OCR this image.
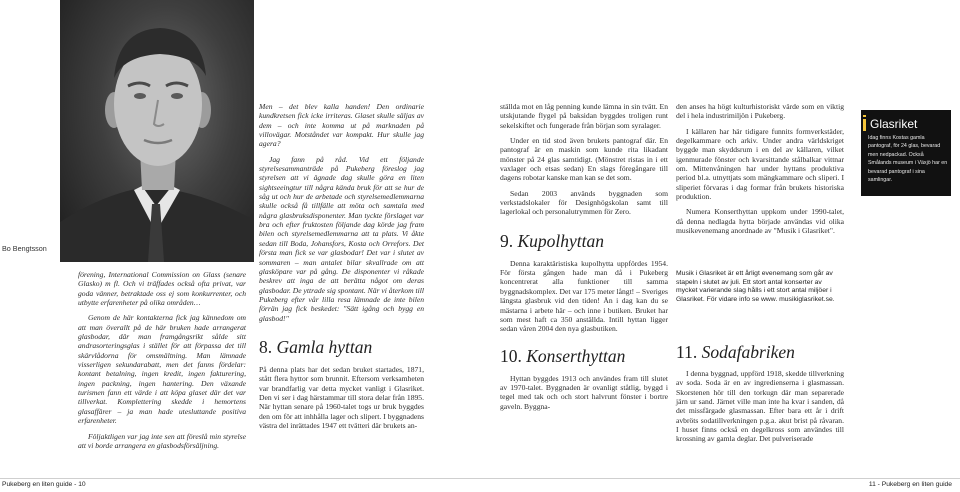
Bo Bengtsson

förening, International Commission on Glass (senare Glasko) m fl. Och vi träffades också ofta privat, var goda vänner, betraktade oss ej som konkurrenter, och utbytte erfarenheter på olika områden…

Genom de här kontakterna fick jag kännedom om att man överallt på de här bruken hade arrangerat glasbodar, där man framgångsrikt sålde sitt andrasorteringsglas i stället för att förpassa det till skärvlådorna för omsmältning. Man lämnade visserligen sekundarabatt, men det fanns fördelar: kontant betalning, ingen kredit, ingen fakturering, ingen packning, ingen hantering. Den växande turismen fann ett värde i att köpa glaset där det var tillverkat. Komplettering skedde i hemortens glasaffärer – ja man hade utesluttande positiva erfarenheter.

Följaktligen var jag inte sen att föreslå min styrelse att vi borde arrangera en glasbodsförsäljning.

Men – det blev kalla handen! Den ordinarie kundkretsen fick icke irriteras. Glaset skulle säljas av dem – och inte komma ut på marknaden på villovägar. Motståndet var kompakt. Hur skulle jag agera?

Jag fann på råd. Vid ett följande styrelsesammanträde på Pukeberg föreslog jag styrelsen att vi ägnade dag skulle göra en liten sightseeingtur till några kända bruk för att se hur de såg ut och hur de arbetade och styrelsemedlemmarna skulle också få tillfälle att möta och samtala med några glasbruksdisponenter. Man tyckte förslaget var bra och efter fruktosten följande dag körde jag fram bilen och styrelsemedlemmarna att ta plats. Vi åkte sedan till Boda, Johansfors, Kosta och Orrefors. Det första man fick se var glasbodar! Det var i slutet av sommaren – man antalet bilar skvallrade om att glasköpare var på gång. De disponenter vi råkade beskrev att inga de att berätta något om deras glasbodar. De yttrade sig spontant. När vi återkom till Pukeberg efter vår lilla resa lämnade de inte bilen förrän jag fick beskedet: "Sätt igång och bygg en glasbod!"

8. Gamla hyttan

På denna plats har det sedan bruket startades, 1871, stått flera hyttor som brunnit. Eftersom verksamheten var brandfarlig var detta mycket vanligt i Glasriket. Den vi ser i dag härstammar till stora delar från 1895. När hyttan senare på 1960-talet togs ur bruk byggdes den om för att inhhålla lager och slipert. I byggnadens västra del inrättades 1947 ett tvätteri där brukets an-

ställda mot en låg penning kunde lämna in sin tvätt. En utskjutande flygel på baksidan byggdes troligen runt sekelskiftet och fungerade från början som syralager.

Under en tid stod även brukets pantograf där. En pantograf är en maskin som kunde rita likadant mönster på 24 glas samtidigt. (Mönstret ristas in i ett vaxlager och etsas sedan) En slags föregångare till dagens robotar kanske man kan se det som.

Sedan 2003 används byggnaden som verkstadslokaler för Designhögskolan samt till lagerlokal och personalutrymmen för Zero.

9. Kupolhyttan

Denna karaktäristiska kupolhytta uppfördes 1954. För första gången hade man då i Pukeberg koncentrerat alla funktioner till samma byggnadskomplex. Det var 175 meter långt! – Sveriges längsta glasbruk vid den tiden! Än i dag kan du se mästarna i arbete här – och inne i butiken. Bruket har som mest haft ca 350 anställda. Intill hyttan ligger sedan våren 2004 den nya glasbutiken.

10. Konserthyttan

Hyttan byggdes 1913 och användes fram till slutet av 1970-talet. Byggnaden är ovanligt ståtlig, byggd i tegel med tak och och stort halvrunt fönster i bortre gaveln. Byggna-

den anses ha högt kulturhistoriskt värde som en viktig del i hela industrimiljön i Pukeberg.

I källaren har här tidigare funnits formverkstäder, degelkammare och arkiv. Under andra världskriget byggde man skyddsrum i en del av källaren, vilket igenmurade fönster och kvarsittande stålbalkar vittnar om. Mittenvåningen har under hyttans produktiva period bl.a. utnyttjats som mängkammare och sliperi. I sliperiet förvaras i dag formar från brukets historiska produktion.

Numera Konserthyttan uppkom under 1990-talet, då denna nedlagda hytta började användas vid olika musikevenemang anordnade av "Musik i Glasriket".

Musik i Glasriket är ett årligt evenemang som går av stapeln i slutet av juli. Ett stort antal konserter av mycket varierande slag hålls i ett stort antal miljöer i Glasriket. För vidare info se www. musikiglasriket.se.
11. Sodafabriken

I denna byggnad, uppförd 1918, skedde tillverkning av soda. Soda är en av ingredienserna i glasmassan. Skorstenen hör till den torkugn där man separerade järn ur sand. Järnet ville man inte ha kvar i sanden, då det missfärgade glasmassan. Efter bara ett år i drift avbröts sodatillverkningen p.g.a. akut brist på råvaran. I huset finns också en degelkross som användes till krossning av gamla deglar. Det pulveriserade

Glasriket
Idag finns Kostas gamla pantograf, för 24 glas, bevarad men nedpackad. Också Smålands museum i Växjö har en bevarad pantograf i sina samlingar.
Pukeberg en liten guide - 10	11 - Pukeberg en liten guide
